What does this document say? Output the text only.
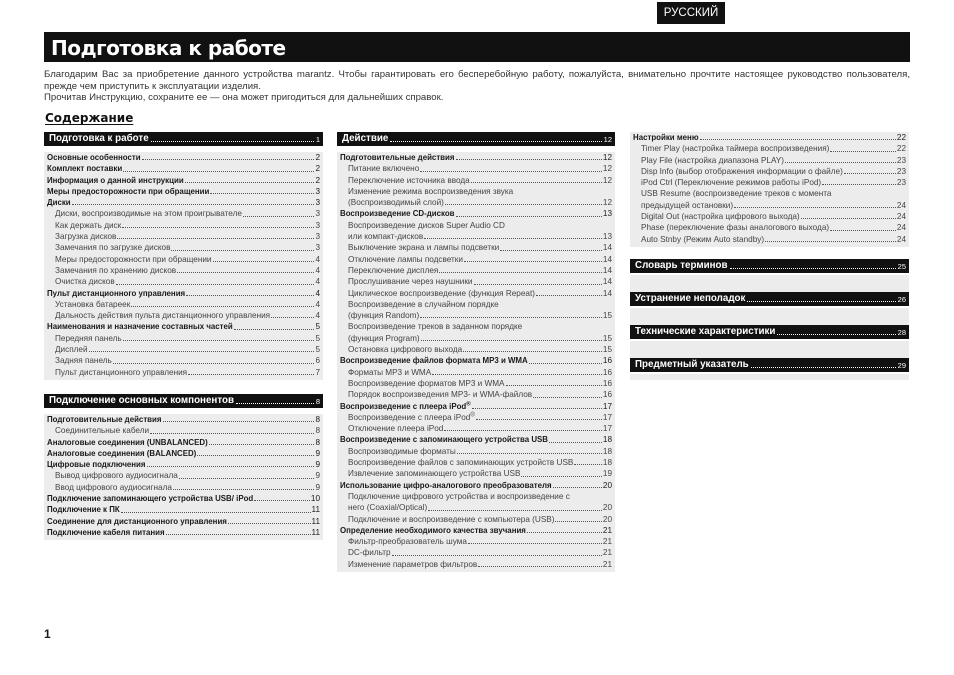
РУССКИЙ
Подготовка к работе

Благодарим Вас за приобретение данного устройства marantz. Чтобы гарантировать его бесперебойную работу, пожалуйста, внимательно прочтите настоящее руководство пользователя, прежде чем приступить к эксплуатации изделия.

Прочитав Инструкцию, сохраните ее — она может пригодиться для дальнейших справок.

Содержание
Подготовка к работе	1
Основные особенности	2
Комплект поставки	2
Информация о данной инструкции	2
Меры предосторожности при обращении	3
Диски	3
Диски, воспроизводимые на этом проигрывателе	3
Как держать диск	3
Загрузка дисков	3
Замечания по загрузке дисков	3
Меры предосторожности при обращении	4
Замечания по хранению дисков	4
Очистка дисков	4
Пульт дистанционного управления	4
Установка батареек	4
Дальность действия пульта дистанционного управления	4
Наименования и назначение составных частей	5
Передняя панель	5
Дисплей	5
Задняя панель	6
Пульт дистанционного управления	7
Подключение основных компонентов	8
Подготовительные действия	8
Соединительные кабели	8
Аналоговые соединения (UNBALANCED)	8
Аналоговые соединения (BALANCED)	9
Цифровые подключения	9
Вывод цифрового аудиосигнала	9
Ввод цифрового аудиосигнала	9
Подключение запоминающего устройства USB/ iPod	10
Подключение к ПК	11
Соединение для дистанционного управления	11
Подключение кабеля питания	11
Действие	12
Подготовительные действия	12
Питание включено	12
Переключение источника ввода	12
Изменение режима воспроизведения звука
(Воспроизводимый слой)	12
Воспроизведение CD-дисков	13
Воспроизведение дисков Super Audio CD
или компакт-дисков	13
Выключение экрана и лампы подсветки	14
Отключение лампы подсветки	14
Переключение дисплея	14
Прослушивание через наушники	14
Циклическое воспроизведение (функция Repeat)	14
Воспроизведение в случайном порядке
(функция Random)	15
Воспроизведение треков в заданном порядке
(функция Program)	15
Остановка цифрового выхода	15
Воспроизведение файлов формата MP3 и WMA	16
Форматы MP3 и WMA	16
Воспроизведение форматов MP3 и WMA	16
Порядок воспроизведения MP3- и WMA-файлов	16
Воспроизведение с плеера iPod®	17
Воспроизведение с плеера iPod®	17
Отключение плеера iPod	17
Воспроизведение с запоминающего устройства USB	18
Воспроизводимые форматы	18
Воспроизведение файлов с запоминающих устройств USB	18
Извлечение запоминающего устройства USB	19
Использование цифро-аналогового преобразователя	20
Подключение цифрового устройства и воспроизведение с
него (Coaxial/Optical)	20
Подключение и воспроизведение с компьютера (USB)	20
Определение необходимого качества звучания	21
Фильтр-преобразователь шума	21
DC-фильтр	21
Изменение параметров фильтров	21
Настройки меню	22
Timer Play (настройка таймера воспроизведения)	22
Play File (настройка диапазона PLAY)	23
Disp Info (выбор отображения информации о файле)	23
iPod Ctrl (Переключение режимов работы iPod)	23
USB Resume (воспроизведение треков с момента
предыдущей остановки)	24
Digital Out (настройка цифрового выхода)	24
Phase (переключение фазы аналогового выхода)	24
Auto Stnby (Режим Auto standby)	24
Словарь терминов	25
Устранение неполадок	26
Технические характеристики	28
Предметный указатель	29
1
